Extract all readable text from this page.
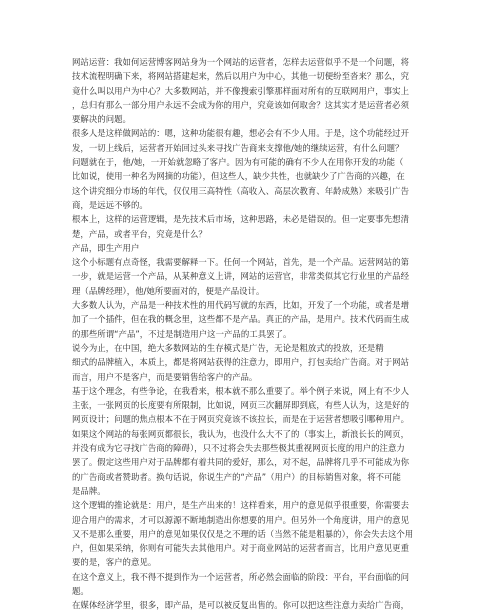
网站运营：我如何运营博客网站身为一个网站的运营者，怎样去运营似乎不是一个问题，将
技术流程明确下来，将网站搭建起来，然后以用户为中心，其他一切便纷至沓来？那么，究
竟什么叫以用户为中心？大多数网站，并不像搜索引擎那样面对所有的互联网用户，事实上
，总归有那么一部分用户永远不会成为你的用户，究竟该如何取舍？这其实才是运营者必须
要解决的问题。
很多人是这样做网站的：嗯，这种功能很有趣，想必会有不少人用。于是，这个功能经过开
发，一切上线后，运营者开始回过头来寻找广告商来支撑他/她的继续运营，有什么问题？
问题就在于，他/她，一开始就忽略了客户。因为有可能的确有不少人在用你开发的功能（
比如说，使用一种名为网摘的功能），但这些人，缺少共性，也就缺少了广告商的兴趣，在
这个讲究细分市场的年代，仅仅用三高特性（高收入、高层次教育、年龄成熟）来吸引广告
商，是远远不够的。
根本上，这样的运营逻辑，是先技术后市场，这种思路，未必是错误的。但一定要事先想清
楚，产品，或者平台，究竟是什么？
产品，即生产用户
这个小标题有点奇怪，我需要解释一下。任何一个网站，首先，是一个产品。运营网站的第
一步，就是运营一个产品，从某种意义上讲，网站的运营官，非常类似其它行业里的产品经
理（品牌经理），他/她所要面对的，便是产品设计。
大多数人认为，产品是一种技术性的用代码写就的东西，比如，开发了一个功能，或者是增
加了一个插件，但在我的概念里，这些都不是产品。真正的产品，是用户。技术代码而生成
的那些所谓“产品”，不过是制造用户这一产品的工具罢了。
说今为止，在中国，绝大多数网站的生存模式是广告，无论是粗放式的投放，还是精
细式的品牌植入，本质上，都是将网站获得的注意力，即用户，打包卖给广告商。对于网站
而言，用户不是客户，而是要销售给客户的产品。
基于这个理念，有些争论，在我看来，根本就不那么重要了。举个例子来说，网上有不少人
主张，一张网页的长度要有所限制，比如说，网页三次翻屏即到底，有些人认为，这是好的
网页设计；问题的焦点根本不在于网页究竟该不该拉长，而是在于运营者想吸引哪种用户。
如果这个网站的每张网页都很长，我认为，也没什么大不了的（事实上，新浪长长的网页，
并没有成为它寻找广告商的障碍），只不过将会失去那些极其重视网页长度的用户的注意力
罢了。假定这些用户对于品牌都有着共同的爱好，那么，对不起，品牌将几乎不可能成为你
的广告商或者赞助者。换句话说，你说生产的“产品”（用户）的目标销售对象，将不可能
是品牌。
这个逻辑的推论就是：用户，是生产出来的！这样看来，用户的意见似乎很重要，你需要去
迎合用户的需求，才可以源源不断地制造出你想要的用户。但另外一个角度讲，用户的意见
又不是那么重要，用户的意见如果仅仅是之不理的话（当然不能是粗暴的），你会失去这个用
户，但如果采纳，你则有可能失去其他用户。对于商业网站的运营者而言，比用户意见更重
要的是，客户的意见。
在这个意义上，我不得不提到作为一个运营者，所必然会面临的阶段：平台，平台面临的问
题。
在媒体经济学里，很多，即产品，是可以被反复出售的。你可以把这些注意力卖给广告商，
